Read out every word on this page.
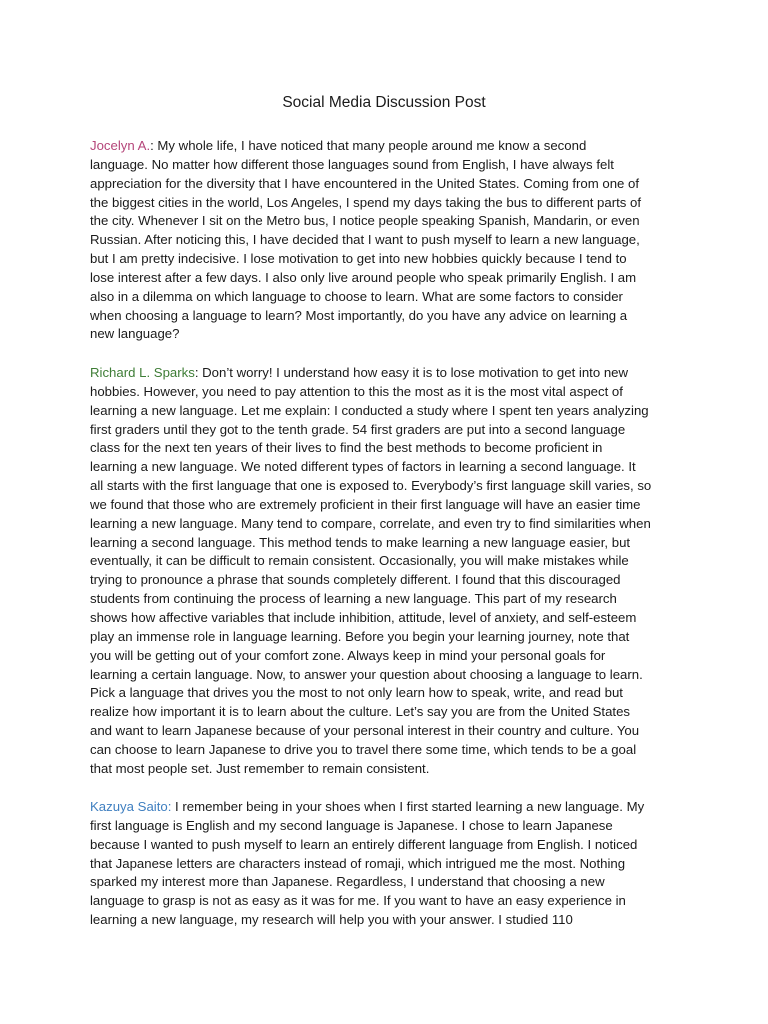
Social Media Discussion Post
Jocelyn A.: My whole life, I have noticed that many people around me know a second
language. No matter how different those languages sound from English, I have always felt
appreciation for the diversity that I have encountered in the United States. Coming from one of
the biggest cities in the world, Los Angeles, I spend my days taking the bus to different parts of
the city. Whenever I sit on the Metro bus, I notice people speaking Spanish, Mandarin, or even
Russian. After noticing this, I have decided that I want to push myself to learn a new language,
but I am pretty indecisive. I lose motivation to get into new hobbies quickly because I tend to
lose interest after a few days. I also only live around people who speak primarily English. I am
also in a dilemma on which language to choose to learn. What are some factors to consider
when choosing a language to learn? Most importantly, do you have any advice on learning a
new language?
Richard L. Sparks: Don’t worry! I understand how easy it is to lose motivation to get into new
hobbies. However, you need to pay attention to this the most as it is the most vital aspect of
learning a new language. Let me explain: I conducted a study where I spent ten years analyzing
first graders until they got to the tenth grade. 54 first graders are put into a second language
class for the next ten years of their lives to find the best methods to become proficient in
learning a new language. We noted different types of factors in learning a second language. It
all starts with the first language that one is exposed to. Everybody’s first language skill varies, so
we found that those who are extremely proficient in their first language will have an easier time
learning a new language. Many tend to compare, correlate, and even try to find similarities when
learning a second language. This method tends to make learning a new language easier, but
eventually, it can be difficult to remain consistent. Occasionally, you will make mistakes while
trying to pronounce a phrase that sounds completely different. I found that this discouraged
students from continuing the process of learning a new language. This part of my research
shows how affective variables that include inhibition, attitude, level of anxiety, and self-esteem
play an immense role in language learning. Before you begin your learning journey, note that
you will be getting out of your comfort zone. Always keep in mind your personal goals for
learning a certain language. Now, to answer your question about choosing a language to learn.
Pick a language that drives you the most to not only learn how to speak, write, and read but
realize how important it is to learn about the culture. Let’s say you are from the United States
and want to learn Japanese because of your personal interest in their country and culture. You
can choose to learn Japanese to drive you to travel there some time, which tends to be a goal
that most people set. Just remember to remain consistent.
Kazuya Saito: I remember being in your shoes when I first started learning a new language. My
first language is English and my second language is Japanese. I chose to learn Japanese
because I wanted to push myself to learn an entirely different language from English. I noticed
that Japanese letters are characters instead of romaji, which intrigued me the most. Nothing
sparked my interest more than Japanese. Regardless, I understand that choosing a new
language to grasp is not as easy as it was for me. If you want to have an easy experience in
learning a new language, my research will help you with your answer. I studied 110
